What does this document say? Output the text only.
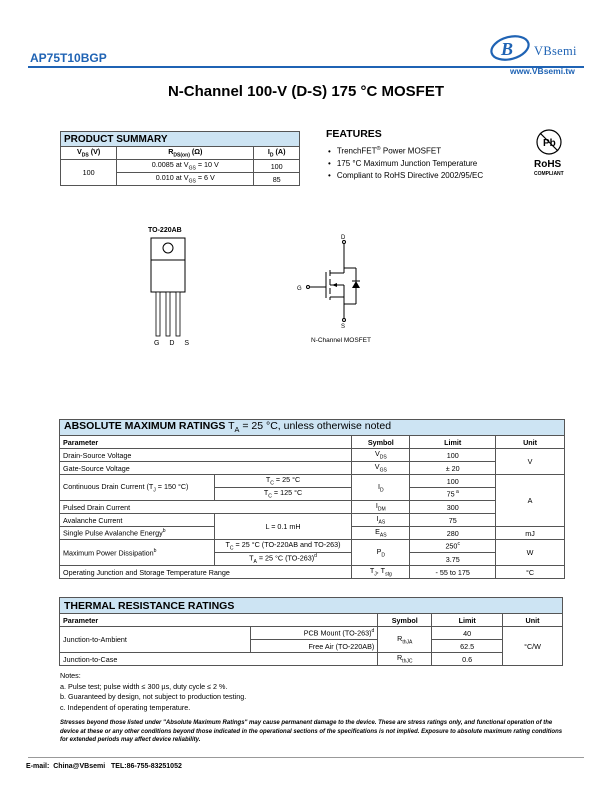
AP75T10BGP	B VBsemi
www.VBsemi.tw
N-Channel 100-V (D-S) 175 °C MOSFET
PRODUCT SUMMARY		
$V_{DS}$ (V)	$R_{DS(on)}$ (Ω)	$I_D$ (A)
100	0.0085 at $V_{GS} = 10$ V	100
	0.010 at $V_{GS} = 6$ V	85
FEATURES
• TrenchFET® Power MOSFET
• 175 °C Maximum Junction Temperature
• Compliant to RoHS Directive 2002/95/EC
Pb
RoHS
COMPLIANT
TO-220AB
G D S
D
G
S
N-Channel MOSFET
ABSOLUTE MAXIMUM RATINGS $T_A = 25$ °C, unless otherwise noted				
Parameter		Symbol	Limit	Unit
Drain-Source Voltage		$V_{DS}$	100	V
Gate-Source Voltage		$V_{GS}$	± 20	
Continuous Drain Current ($T_J = 150$ °C)	$T_C = 25$ °C	$I_D$	100	A
	$T_C = 125$ °C		75 $^a$
Pulsed Drain Current		$I_{DM}$	300	
Avalanche Current	L = 0.1 mH	$I_{AS}$	75	
Single Pulse Avalanche Energy$^b$		$E_{AS}$	280	mJ
Maximum Power Dissipation$^b$	$T_C = 25$ °C (TO-220AB and TO-263)	$P_D$	250$^c$	W
	$T_A = 25$ °C $(TO-263)^d$		3.75	
Operating Junction and Storage Temperature Range		$T_J$, $T_{stg}$	- 55 to 175	°C
THERMAL RESISTANCE RATINGS				
Parameter		Symbol	Limit	Unit
Junction-to-Ambient	PCB Mount $(TO-263)^d$	$R_{thJA}$	40	°C/W
	Free Air (TO-220AB)		62.5	
Junction-to-Case		$R_{thJC}$	0.6	
Notes:
a. Pulse test; pulse width ≤ 300 µs, duty cycle ≤ 2 %.
b. Guaranteed by design, not subject to production testing.
c. Independent of operating temperature.
Stresses beyond those listed under "Absolute Maximum Ratings" may cause permanent damage to the device. These are stress ratings only, and functional operation of the device at these or any other conditions beyond those indicated in the operational sections of the specifications is not implied. Exposure to absolute maximum rating conditions for extended periods may affect device reliability.
E-mail: China@VBsemi TEL:86-755-83251052
